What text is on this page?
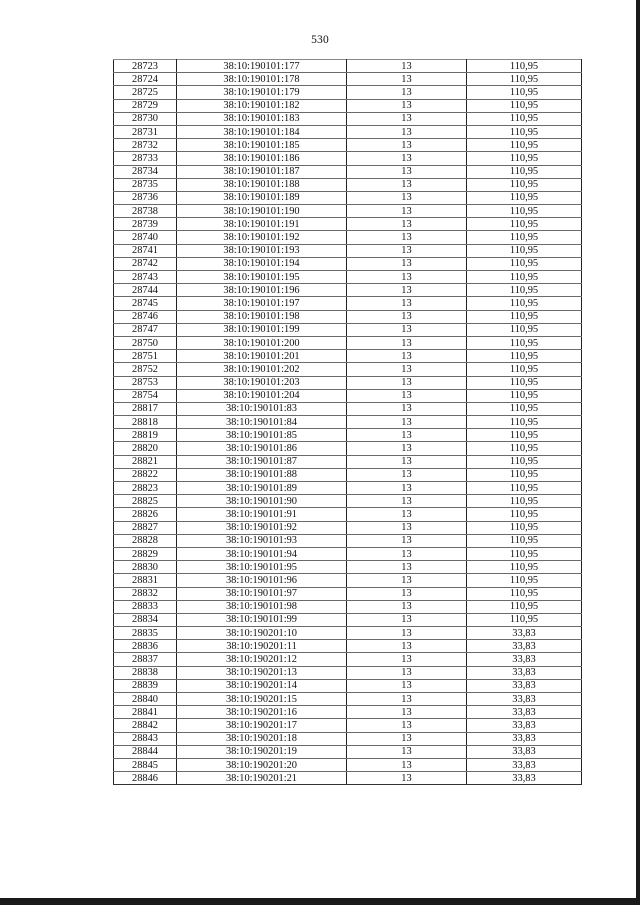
530
28723	38:10:190101:177	13	110,95
28724	38:10:190101:178	13	110,95
28725	38:10:190101:179	13	110,95
28729	38:10:190101:182	13	110,95
28730	38:10:190101:183	13	110,95
28731	38:10:190101:184	13	110,95
28732	38:10:190101:185	13	110,95
28733	38:10:190101:186	13	110,95
28734	38:10:190101:187	13	110,95
28735	38:10:190101:188	13	110,95
28736	38:10:190101:189	13	110,95
28738	38:10:190101:190	13	110,95
28739	38:10:190101:191	13	110,95
28740	38:10:190101:192	13	110,95
28741	38:10:190101:193	13	110,95
28742	38:10:190101:194	13	110,95
28743	38:10:190101:195	13	110,95
28744	38:10:190101:196	13	110,95
28745	38:10:190101:197	13	110,95
28746	38:10:190101:198	13	110,95
28747	38:10:190101:199	13	110,95
28750	38:10:190101:200	13	110,95
28751	38:10:190101:201	13	110,95
28752	38:10:190101:202	13	110,95
28753	38:10:190101:203	13	110,95
28754	38:10:190101:204	13	110,95
28817	38:10:190101:83	13	110,95
28818	38:10:190101:84	13	110,95
28819	38:10:190101:85	13	110,95
28820	38:10:190101:86	13	110,95
28821	38:10:190101:87	13	110,95
28822	38:10:190101:88	13	110,95
28823	38:10:190101:89	13	110,95
28825	38:10:190101:90	13	110,95
28826	38:10:190101:91	13	110,95
28827	38:10:190101:92	13	110,95
28828	38:10:190101:93	13	110,95
28829	38:10:190101:94	13	110,95
28830	38:10:190101:95	13	110,95
28831	38:10:190101:96	13	110,95
28832	38:10:190101:97	13	110,95
28833	38:10:190101:98	13	110,95
28834	38:10:190101:99	13	110,95
28835	38:10:190201:10	13	33,83
28836	38:10:190201:11	13	33,83
28837	38:10:190201:12	13	33,83
28838	38:10:190201:13	13	33,83
28839	38:10:190201:14	13	33,83
28840	38:10:190201:15	13	33,83
28841	38:10:190201:16	13	33,83
28842	38:10:190201:17	13	33,83
28843	38:10:190201:18	13	33,83
28844	38:10:190201:19	13	33,83
28845	38:10:190201:20	13	33,83
28846	38:10:190201:21	13	33,83
